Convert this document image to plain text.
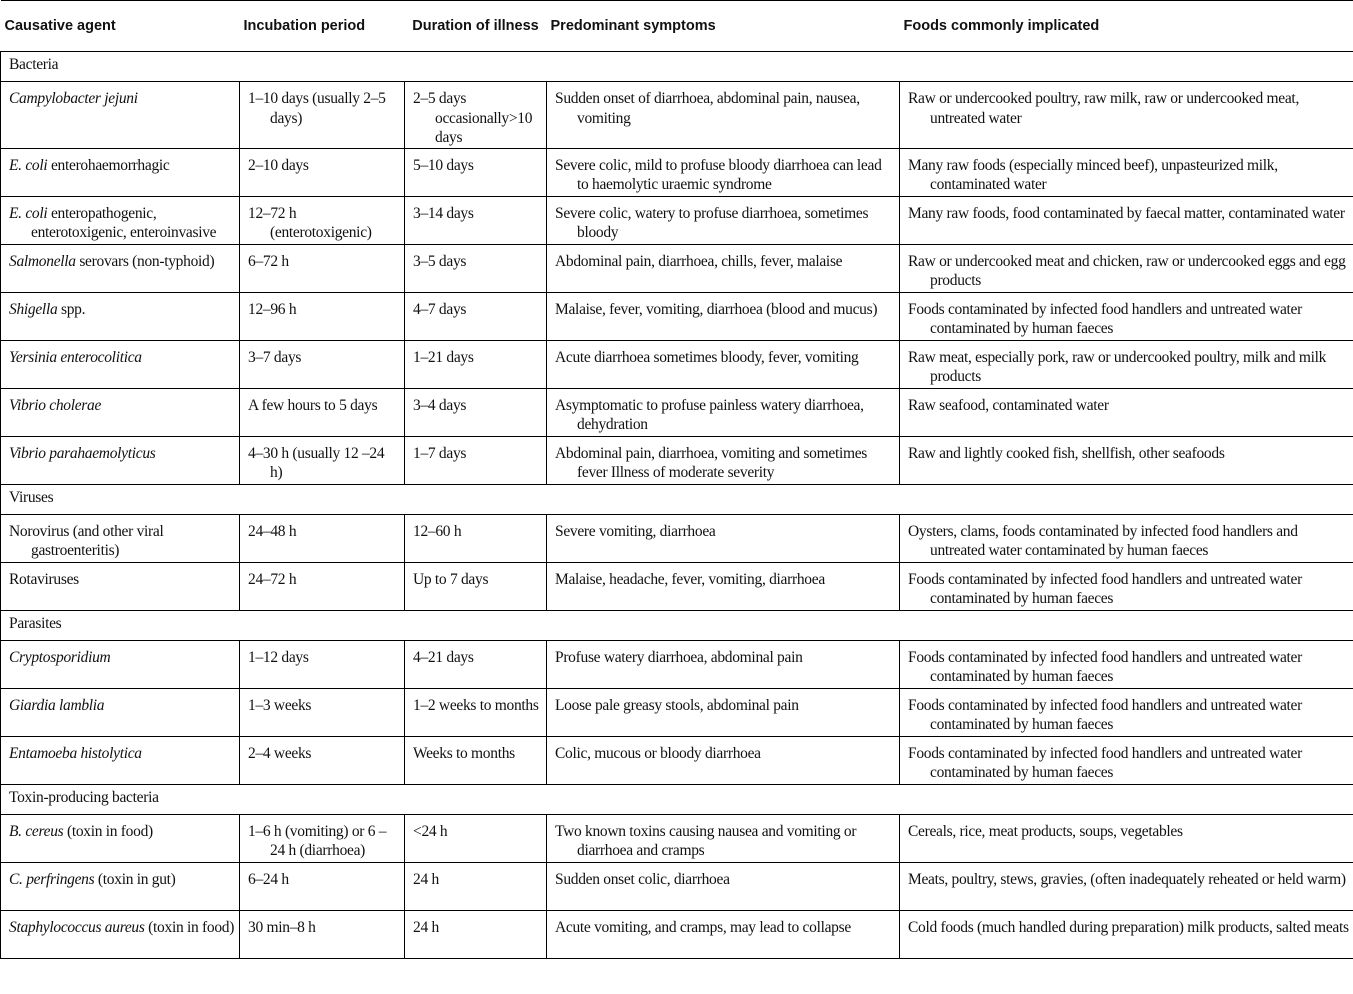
Causative agent	Incubation period	Duration of illness	Predominant symptoms	Foods commonly implicated
Bacteria				

Campylobacter jejuni	1–10 days (usually 2–5 days)	2–5 days occasionally>10 days	Sudden onset of diarrhoea, abdominal pain, nausea, vomiting	Raw or undercooked poultry, raw milk, raw or undercooked meat, untreated water

E. coli enterohaemorrhagic	2–10 days	5–10 days	Severe colic, mild to profuse bloody diarrhoea can lead to haemolytic uraemic syndrome	Many raw foods (especially minced beef), unpasteurized milk, contaminated water

E. coli enteropathogenic, enterotoxigenic, enteroinvasive	12–72 h (enterotoxigenic)	3–14 days	Severe colic, watery to profuse diarrhoea, sometimes bloody	Many raw foods, food contaminated by faecal matter, contaminated water

Salmonella serovars (non-typhoid)	6–72 h	3–5 days	Abdominal pain, diarrhoea, chills, fever, malaise	Raw or undercooked meat and chicken, raw or undercooked eggs and egg products

Shigella spp.	12–96 h	4–7 days	Malaise, fever, vomiting, diarrhoea (blood and mucus)	Foods contaminated by infected food handlers and untreated water contaminated by human faeces

Yersinia enterocolitica	3–7 days	1–21 days	Acute diarrhoea sometimes bloody, fever, vomiting	Raw meat, especially pork, raw or undercooked poultry, milk and milk products

Vibrio cholerae	A few hours to 5 days	3–4 days	Asymptomatic to profuse painless watery diarrhoea, dehydration	Raw seafood, contaminated water

Vibrio parahaemolyticus	4–30 h (usually 12 –24 h)	1–7 days	Abdominal pain, diarrhoea, vomiting and sometimes fever Illness of moderate severity	Raw and lightly cooked fish, shellfish, other seafoods

Viruses				

Norovirus (and other viral gastroenteritis)	24–48 h	12–60 h	Severe vomiting, diarrhoea	Oysters, clams, foods contaminated by infected food handlers and untreated water contaminated by human faeces

Rotaviruses	24–72 h	Up to 7 days	Malaise, headache, fever, vomiting, diarrhoea	Foods contaminated by infected food handlers and untreated water contaminated by human faeces

Parasites				

Cryptosporidium	1–12 days	4–21 days	Profuse watery diarrhoea, abdominal pain	Foods contaminated by infected food handlers and untreated water contaminated by human faeces

Giardia lamblia	1–3 weeks	1–2 weeks to months	Loose pale greasy stools, abdominal pain	Foods contaminated by infected food handlers and untreated water contaminated by human faeces

Entamoeba histolytica	2–4 weeks	Weeks to months	Colic, mucous or bloody diarrhoea	Foods contaminated by infected food handlers and untreated water contaminated by human faeces

Toxin-producing bacteria				

B. cereus (toxin in food)	1–6 h (vomiting) or 6 –24 h (diarrhoea)	<24 h	Two known toxins causing nausea and vomiting or diarrhoea and cramps	Cereals, rice, meat products, soups, vegetables

C. perfringens (toxin in gut)	6–24 h	24 h	Sudden onset colic, diarrhoea	Meats, poultry, stews, gravies, (often inadequately reheated or held warm)

Staphylococcus aureus (toxin in food)	30 min–8 h	24 h	Acute vomiting, and cramps, may lead to collapse	Cold foods (much handled during preparation) milk products, salted meats
